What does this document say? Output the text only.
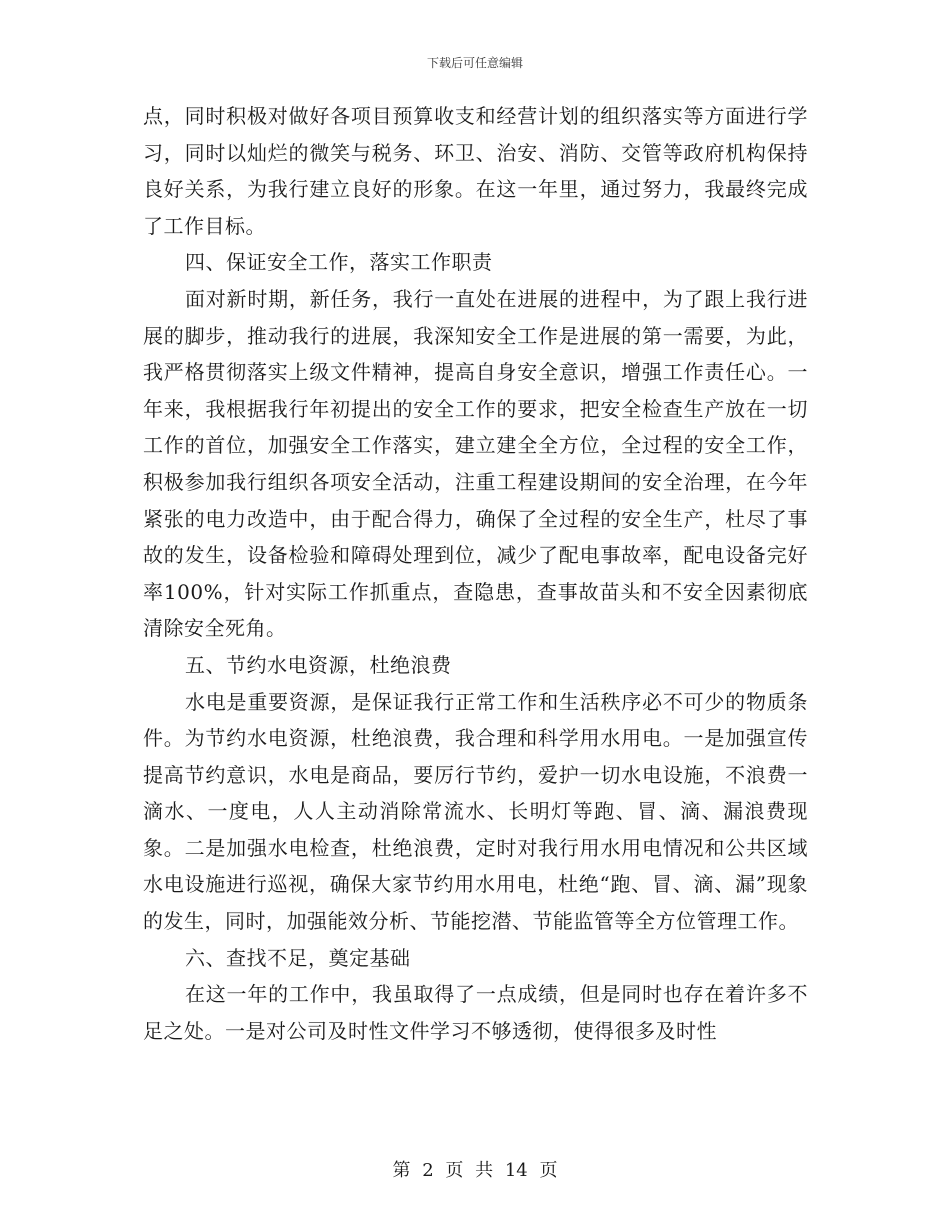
下载后可任意编辑

点，同时积极对做好各项目预算收支和经营计划的组织落实等方面进行学习，同时以灿烂的微笑与税务、环卫、治安、消防、交管等政府机构保持良好关系，为我行建立良好的形象。在这一年里，通过努力，我最终完成了工作目标。

四、保证安全工作，落实工作职责

面对新时期，新任务，我行一直处在进展的进程中，为了跟上我行进展的脚步，推动我行的进展，我深知安全工作是进展的第一需要，为此，我严格贯彻落实上级文件精神，提高自身安全意识，增强工作责任心。一年来，我根据我行年初提出的安全工作的要求，把安全检查生产放在一切工作的首位，加强安全工作落实，建立建全全方位，全过程的安全工作，积极参加我行组织各项安全活动，注重工程建设期间的安全治理，在今年紧张的电力改造中，由于配合得力，确保了全过程的安全生产，杜尽了事故的发生，设备检验和障碍处理到位，减少了配电事故率，配电设备完好率100%，针对实际工作抓重点，查隐患，查事故苗头和不安全因素彻底清除安全死角。

五、节约水电资源，杜绝浪费

水电是重要资源，是保证我行正常工作和生活秩序必不可少的物质条件。为节约水电资源，杜绝浪费，我合理和科学用水用电。一是加强宣传提高节约意识，水电是商品，要厉行节约，爱护一切水电设施，不浪费一滴水、一度电，人人主动消除常流水、长明灯等跑、冒、滴、漏浪费现象。二是加强水电检查，杜绝浪费，定时对我行用水用电情况和公共区域水电设施进行巡视，确保大家节约用水用电，杜绝“跑、冒、滴、漏”现象的发生，同时，加强能效分析、节能挖潜、节能监管等全方位管理工作。

六、查找不足，奠定基础

在这一年的工作中，我虽取得了一点成绩，但是同时也存在着许多不足之处。一是对公司及时性文件学习不够透彻，使得很多及时性

第 2 页 共 14 页
